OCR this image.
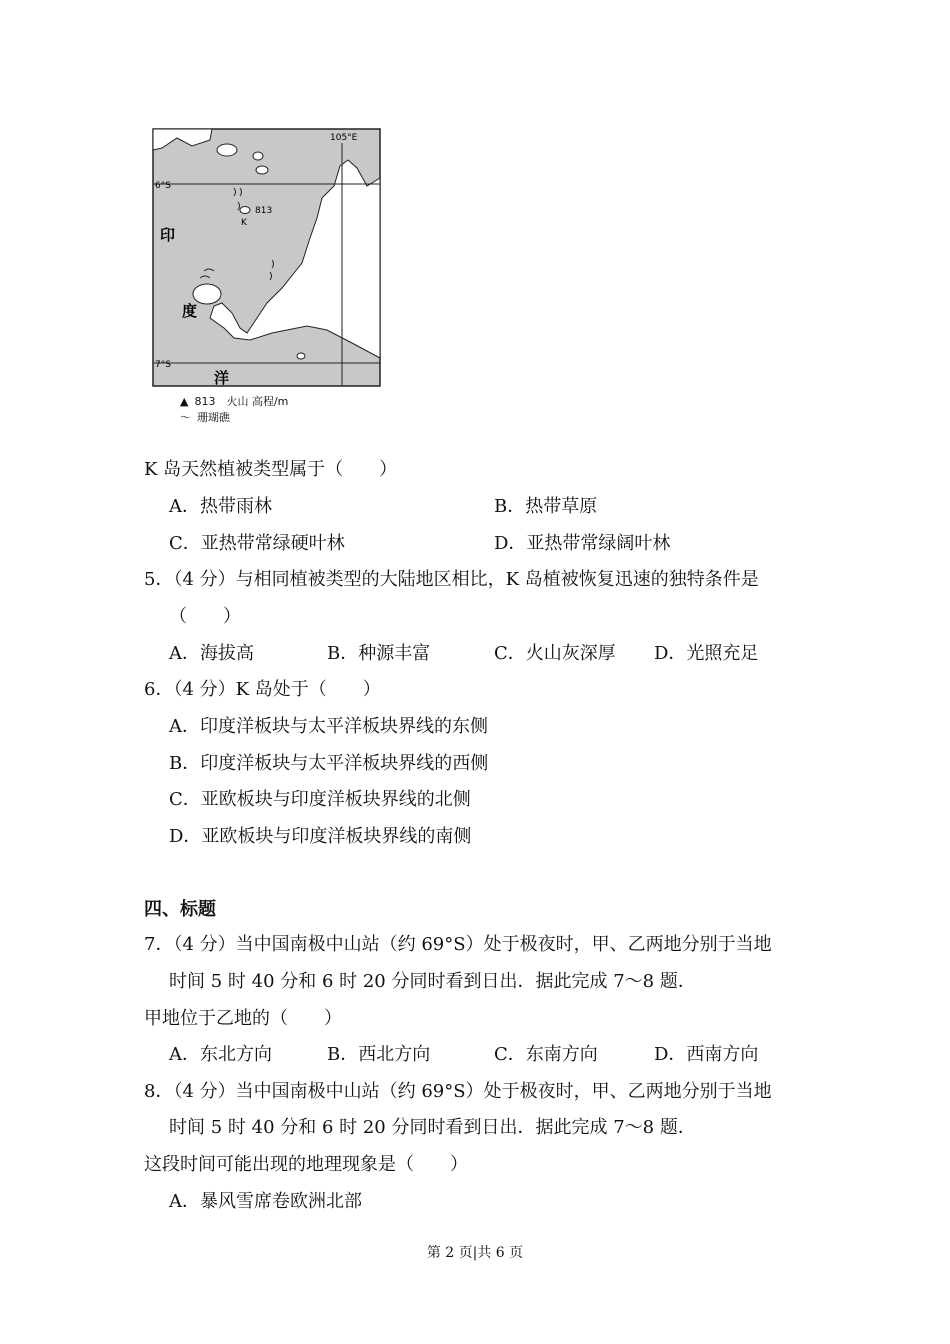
105°E
6°S
7°S
813
K
印
度
洋
▲ 813　火山 高程/m
〜 珊瑚礁
K 岛天然植被类型属于（　　）
A．热带雨林	B．热带草原
C．亚热带常绿硬叶林	D．亚热带常绿阔叶林
5．（4 分）与相同植被类型的大陆地区相比，K 岛植被恢复迅速的独特条件是
（　　）
A．海拔高	B．种源丰富	C．火山灰深厚 D．光照充足
6．（4 分）K 岛处于（　　）
A．印度洋板块与太平洋板块界线的东侧
B．印度洋板块与太平洋板块界线的西侧
C．亚欧板块与印度洋板块界线的北侧
D．亚欧板块与印度洋板块界线的南侧
四、标题
7．（4 分）当中国南极中山站（约 69°S）处于极夜时，甲、乙两地分别于当地
时间 5 时 40 分和 6 时 20 分同时看到日出．据此完成 7～8 题．
甲地位于乙地的（　　）
A．东北方向	B．西北方向	C．东南方向	D．西南方向
8．（4 分）当中国南极中山站（约 69°S）处于极夜时，甲、乙两地分别于当地
时间 5 时 40 分和 6 时 20 分同时看到日出．据此完成 7～8 题．
这段时间可能出现的地理现象是（　　）
A．暴风雪席卷欧洲北部
第 2 页|共 6 页
